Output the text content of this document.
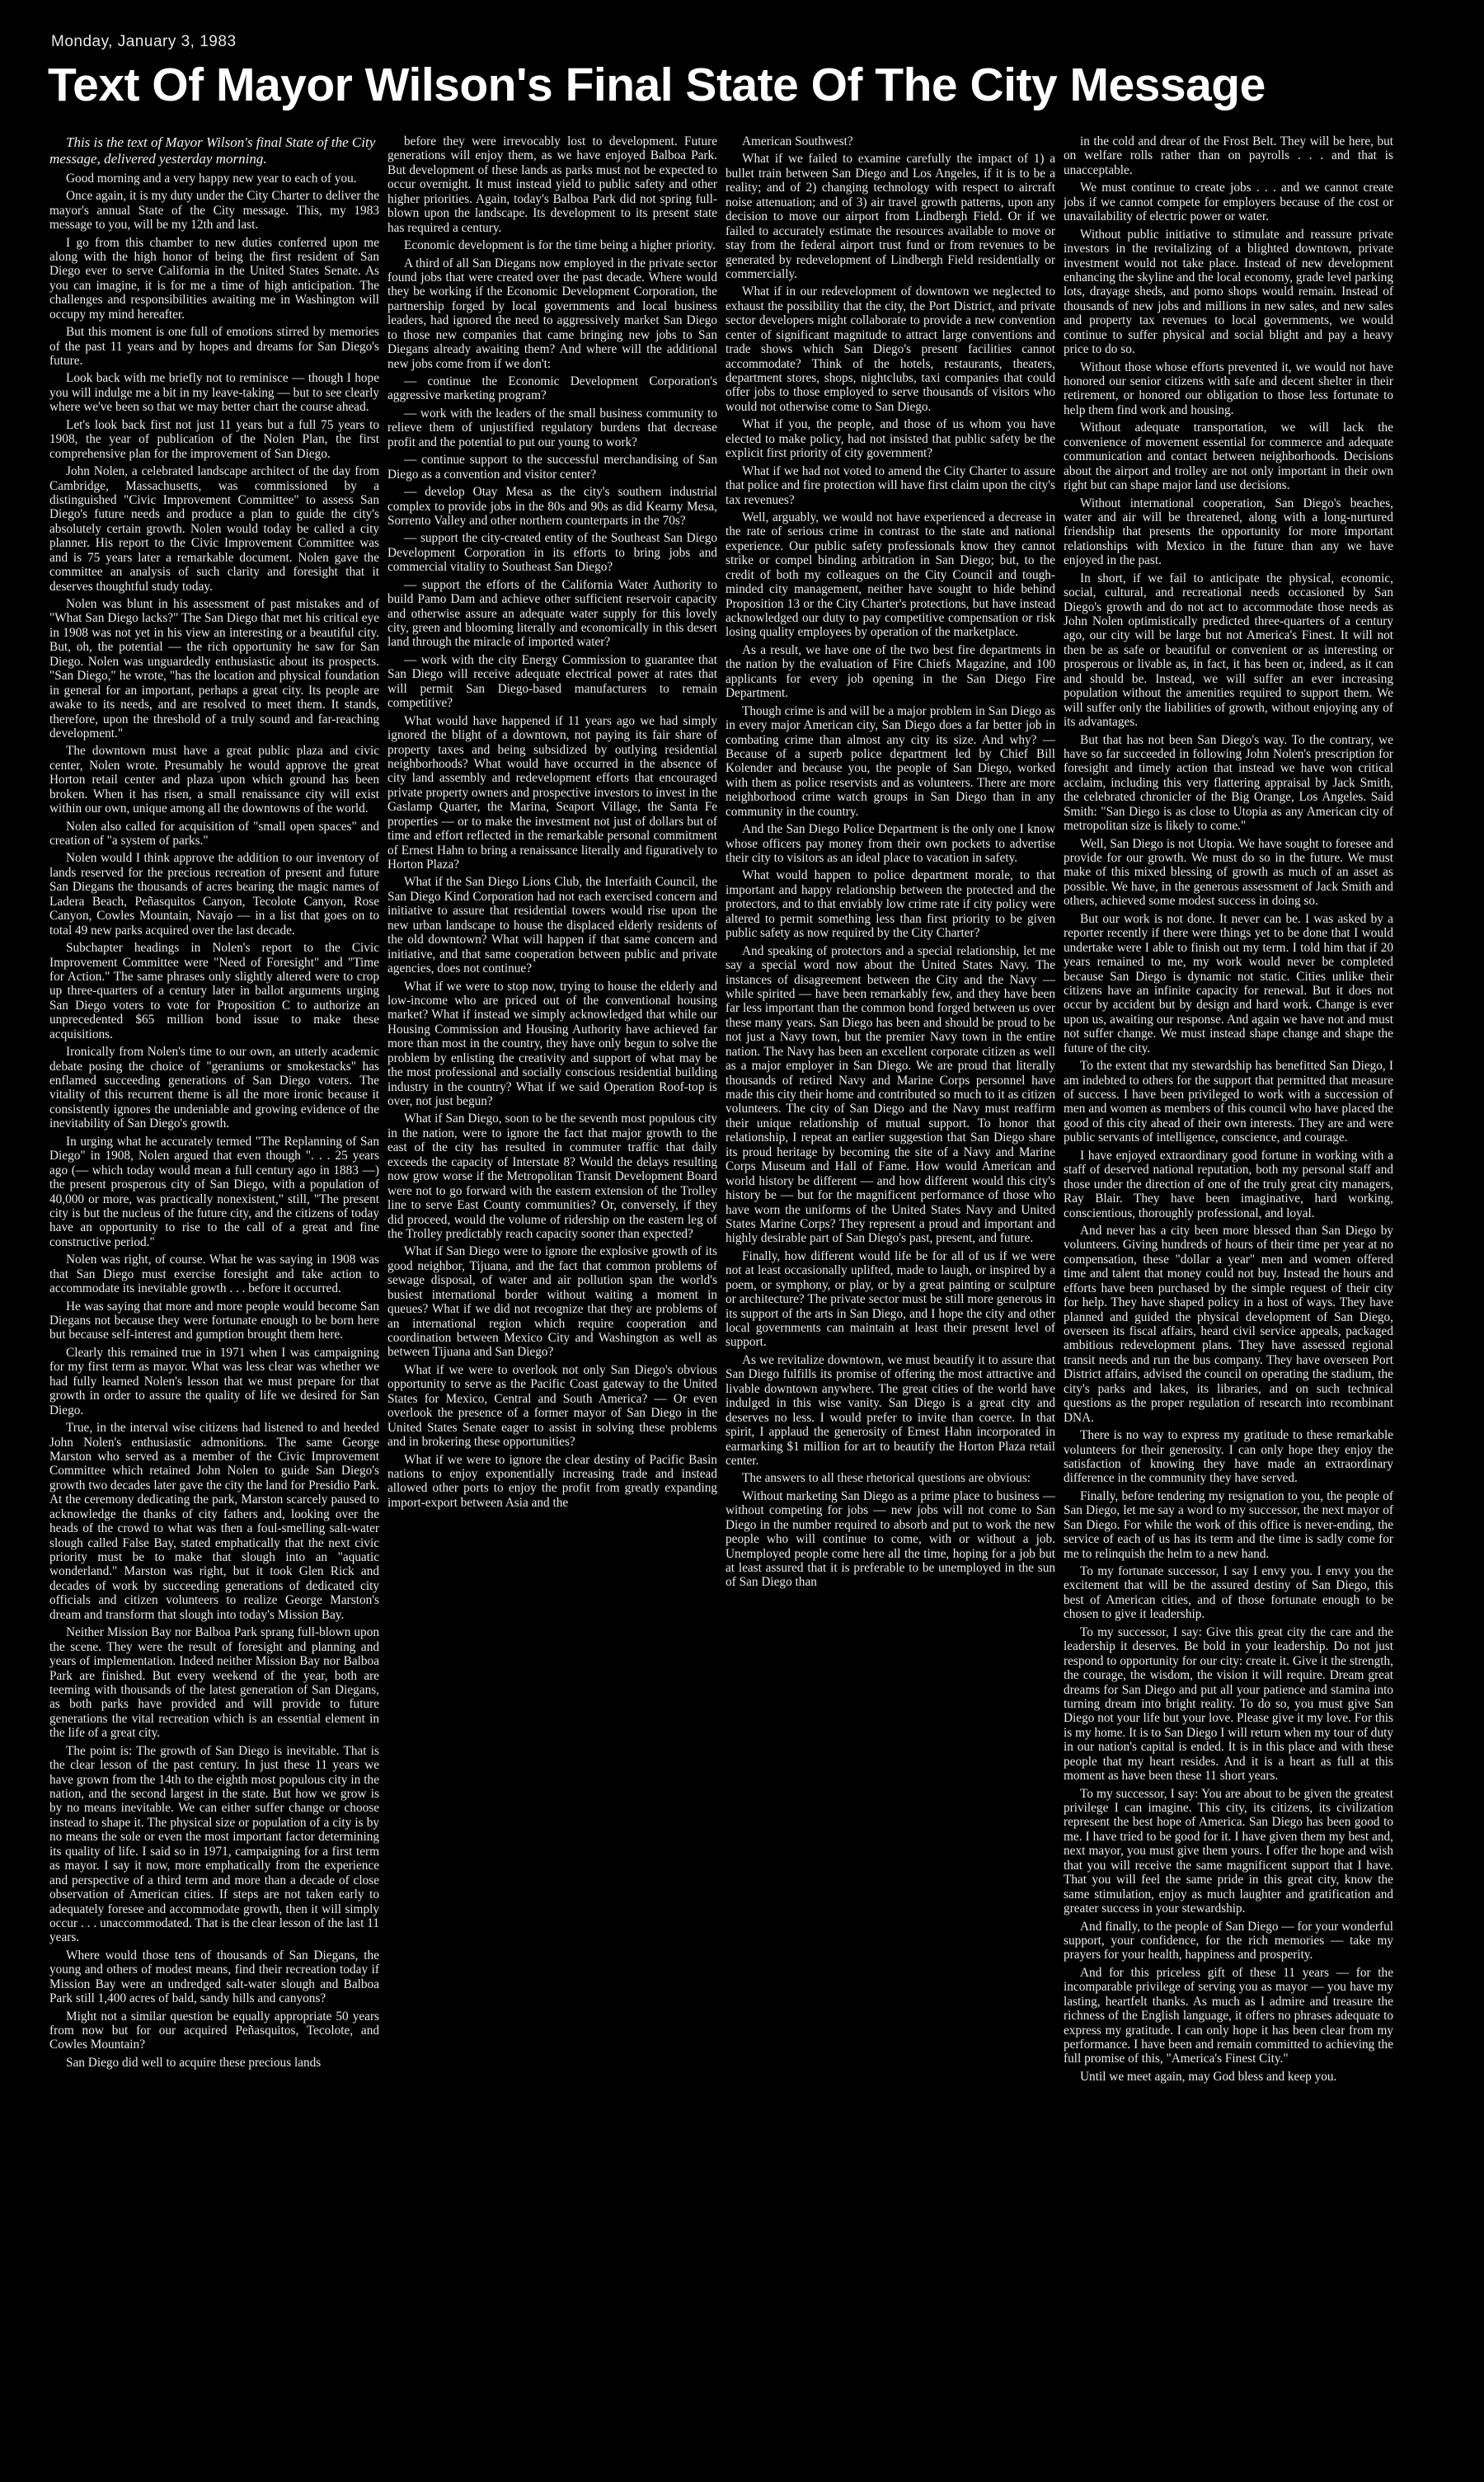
Monday, January 3, 1983
Text Of Mayor Wilson's Final State Of The City Message

This is the text of Mayor Wilson's final State of the City message, delivered yesterday morning.

Good morning and a very happy new year to each of you.

Once again, it is my duty under the City Charter to deliver the mayor's annual State of the City message. This, my 1983 message to you, will be my 12th and last.

I go from this chamber to new duties conferred upon me along with the high honor of being the first resident of San Diego ever to serve California in the United States Senate. As you can imagine, it is for me a time of high anticipation. The challenges and responsibilities awaiting me in Washington will occupy my mind hereafter.

But this moment is one full of emotions stirred by memories of the past 11 years and by hopes and dreams for San Diego's future.

Look back with me briefly not to reminisce — though I hope you will indulge me a bit in my leave-taking — but to see clearly where we've been so that we may better chart the course ahead.

Let's look back first not just 11 years but a full 75 years to 1908, the year of publication of the Nolen Plan, the first comprehensive plan for the improvement of San Diego.

John Nolen, a celebrated landscape architect of the day from Cambridge, Massachusetts, was commissioned by a distinguished "Civic Improvement Committee" to assess San Diego's future needs and produce a plan to guide the city's absolutely certain growth. Nolen would today be called a city planner. His report to the Civic Improvement Committee was and is 75 years later a remarkable document. Nolen gave the committee an analysis of such clarity and foresight that it deserves thoughtful study today.

Nolen was blunt in his assessment of past mistakes and of "What San Diego lacks?" The San Diego that met his critical eye in 1908 was not yet in his view an interesting or a beautiful city. But, oh, the potential — the rich opportunity he saw for San Diego. Nolen was unguardedly enthusiastic about its prospects. "San Diego," he wrote, "has the location and physical foundation in general for an important, perhaps a great city. Its people are awake to its needs, and are resolved to meet them. It stands, therefore, upon the threshold of a truly sound and far-reaching development."

The downtown must have a great public plaza and civic center, Nolen wrote. Presumably he would approve the great Horton retail center and plaza upon which ground has been broken. When it has risen, a small renaissance city will exist within our own, unique among all the downtowns of the world.

Nolen also called for acquisition of "small open spaces" and creation of "a system of parks."

Nolen would I think approve the addition to our inventory of lands reserved for the precious recreation of present and future San Diegans the thousands of acres bearing the magic names of Ladera Beach, Peñasquitos Canyon, Tecolote Canyon, Rose Canyon, Cowles Mountain, Navajo — in a list that goes on to total 49 new parks acquired over the last decade.

Subchapter headings in Nolen's report to the Civic Improvement Committee were "Need of Foresight" and "Time for Action." The same phrases only slightly altered were to crop up three-quarters of a century later in ballot arguments urging San Diego voters to vote for Proposition C to authorize an unprecedented $65 million bond issue to make these acquisitions.

Ironically from Nolen's time to our own, an utterly academic debate posing the choice of "geraniums or smokestacks" has enflamed succeeding generations of San Diego voters. The vitality of this recurrent theme is all the more ironic because it consistently ignores the undeniable and growing evidence of the inevitability of San Diego's growth.

In urging what he accurately termed "The Replanning of San Diego" in 1908, Nolen argued that even though ". . . 25 years ago (— which today would mean a full century ago in 1883 —) the present prosperous city of San Diego, with a population of 40,000 or more, was practically nonexistent," still, "The present city is but the nucleus of the future city, and the citizens of today have an opportunity to rise to the call of a great and fine constructive period."

Nolen was right, of course. What he was saying in 1908 was that San Diego must exercise foresight and take action to accommodate its inevitable growth . . . before it occurred.

He was saying that more and more people would become San Diegans not because they were fortunate enough to be born here but because self-interest and gumption brought them here.

Clearly this remained true in 1971 when I was campaigning for my first term as mayor. What was less clear was whether we had fully learned Nolen's lesson that we must prepare for that growth in order to assure the quality of life we desired for San Diego.

True, in the interval wise citizens had listened to and heeded John Nolen's enthusiastic admonitions. The same George Marston who served as a member of the Civic Improvement Committee which retained John Nolen to guide San Diego's growth two decades later gave the city the land for Presidio Park. At the ceremony dedicating the park, Marston scarcely paused to acknowledge the thanks of city fathers and, looking over the heads of the crowd to what was then a foul-smelling salt-water slough called False Bay, stated emphatically that the next civic priority must be to make that slough into an "aquatic wonderland." Marston was right, but it took Glen Rick and decades of work by succeeding generations of dedicated city officials and citizen volunteers to realize George Marston's dream and transform that slough into today's Mission Bay.

Neither Mission Bay nor Balboa Park sprang full-blown upon the scene. They were the result of foresight and planning and years of implementation. Indeed neither Mission Bay nor Balboa Park are finished. But every weekend of the year, both are teeming with thousands of the latest generation of San Diegans, as both parks have provided and will provide to future generations the vital recreation which is an essential element in the life of a great city.

The point is: The growth of San Diego is inevitable. That is the clear lesson of the past century. In just these 11 years we have grown from the 14th to the eighth most populous city in the nation, and the second largest in the state. But how we grow is by no means inevitable. We can either suffer change or choose instead to shape it. The physical size or population of a city is by no means the sole or even the most important factor determining its quality of life. I said so in 1971, campaigning for a first term as mayor. I say it now, more emphatically from the experience and perspective of a third term and more than a decade of close observation of American cities. If steps are not taken early to adequately foresee and accommodate growth, then it will simply occur . . . unaccommodated. That is the clear lesson of the last 11 years.

Where would those tens of thousands of San Diegans, the young and others of modest means, find their recreation today if Mission Bay were an undredged salt-water slough and Balboa Park still 1,400 acres of bald, sandy hills and canyons?

Might not a similar question be equally appropriate 50 years from now but for our acquired Peñasquitos, Tecolote, and Cowles Mountain?

San Diego did well to acquire these precious lands

before they were irrevocably lost to development. Future generations will enjoy them, as we have enjoyed Balboa Park. But development of these lands as parks must not be expected to occur overnight. It must instead yield to public safety and other higher priorities. Again, today's Balboa Park did not spring full-blown upon the landscape. Its development to its present state has required a century.

Economic development is for the time being a higher priority.

A third of all San Diegans now employed in the private sector found jobs that were created over the past decade. Where would they be working if the Economic Development Corporation, the partnership forged by local governments and local business leaders, had ignored the need to aggressively market San Diego to those new companies that came bringing new jobs to San Diegans already awaiting them? And where will the additional new jobs come from if we don't:

— continue the Economic Development Corporation's aggressive marketing program?

— work with the leaders of the small business community to relieve them of unjustified regulatory burdens that decrease profit and the potential to put our young to work?

— continue support to the successful merchandising of San Diego as a convention and visitor center?

— develop Otay Mesa as the city's southern industrial complex to provide jobs in the 80s and 90s as did Kearny Mesa, Sorrento Valley and other northern counterparts in the 70s?

— support the city-created entity of the Southeast San Diego Development Corporation in its efforts to bring jobs and commercial vitality to Southeast San Diego?

— support the efforts of the California Water Authority to build Pamo Dam and achieve other sufficient reservoir capacity and otherwise assure an adequate water supply for this lovely city, green and blooming literally and economically in this desert land through the miracle of imported water?

— work with the city Energy Commission to guarantee that San Diego will receive adequate electrical power at rates that will permit San Diego-based manufacturers to remain competitive?

What would have happened if 11 years ago we had simply ignored the blight of a downtown, not paying its fair share of property taxes and being subsidized by outlying residential neighborhoods? What would have occurred in the absence of city land assembly and redevelopment efforts that encouraged private property owners and prospective investors to invest in the Gaslamp Quarter, the Marina, Seaport Village, the Santa Fe properties — or to make the investment not just of dollars but of time and effort reflected in the remarkable personal commitment of Ernest Hahn to bring a renaissance literally and figuratively to Horton Plaza?

What if the San Diego Lions Club, the Interfaith Council, the San Diego Kind Corporation had not each exercised concern and initiative to assure that residential towers would rise upon the new urban landscape to house the displaced elderly residents of the old downtown? What will happen if that same concern and initiative, and that same cooperation between public and private agencies, does not continue?

What if we were to stop now, trying to house the elderly and low-income who are priced out of the conventional housing market? What if instead we simply acknowledged that while our Housing Commission and Housing Authority have achieved far more than most in the country, they have only begun to solve the problem by enlisting the creativity and support of what may be the most professional and socially conscious residential building industry in the country? What if we said Operation Roof-top is over, not just begun?

What if San Diego, soon to be the seventh most populous city in the nation, were to ignore the fact that major growth to the east of the city has resulted in commuter traffic that daily exceeds the capacity of Interstate 8? Would the delays resulting now grow worse if the Metropolitan Transit Development Board were not to go forward with the eastern extension of the Trolley line to serve East County communities? Or, conversely, if they did proceed, would the volume of ridership on the eastern leg of the Trolley predictably reach capacity sooner than expected?

What if San Diego were to ignore the explosive growth of its good neighbor, Tijuana, and the fact that common problems of sewage disposal, of water and air pollution span the world's busiest international border without waiting a moment in queues? What if we did not recognize that they are problems of an international region which require cooperation and coordination between Mexico City and Washington as well as between Tijuana and San Diego?

What if we were to overlook not only San Diego's obvious opportunity to serve as the Pacific Coast gateway to the United States for Mexico, Central and South America? — Or even overlook the presence of a former mayor of San Diego in the United States Senate eager to assist in solving these problems and in brokering these opportunities?

What if we were to ignore the clear destiny of Pacific Basin nations to enjoy exponentially increasing trade and instead allowed other ports to enjoy the profit from greatly expanding import-export between Asia and the

American Southwest?

What if we failed to examine carefully the impact of 1) a bullet train between San Diego and Los Angeles, if it is to be a reality; and of 2) changing technology with respect to aircraft noise attenuation; and of 3) air travel growth patterns, upon any decision to move our airport from Lindbergh Field. Or if we failed to accurately estimate the resources available to move or stay from the federal airport trust fund or from revenues to be generated by redevelopment of Lindbergh Field residentially or commercially.

What if in our redevelopment of downtown we neglected to exhaust the possibility that the city, the Port District, and private sector developers might collaborate to provide a new convention center of significant magnitude to attract large conventions and trade shows which San Diego's present facilities cannot accommodate? Think of the hotels, restaurants, theaters, department stores, shops, nightclubs, taxi companies that could offer jobs to those employed to serve thousands of visitors who would not otherwise come to San Diego.

What if you, the people, and those of us whom you have elected to make policy, had not insisted that public safety be the explicit first priority of city government?

What if we had not voted to amend the City Charter to assure that police and fire protection will have first claim upon the city's tax revenues?

Well, arguably, we would not have experienced a decrease in the rate of serious crime in contrast to the state and national experience. Our public safety professionals know they cannot strike or compel binding arbitration in San Diego; but, to the credit of both my colleagues on the City Council and tough-minded city management, neither have sought to hide behind Proposition 13 or the City Charter's protections, but have instead acknowledged our duty to pay competitive compensation or risk losing quality employees by operation of the marketplace.

As a result, we have one of the two best fire departments in the nation by the evaluation of Fire Chiefs Magazine, and 100 applicants for every job opening in the San Diego Fire Department.

Though crime is and will be a major problem in San Diego as in every major American city, San Diego does a far better job in combating crime than almost any city its size. And why? — Because of a superb police department led by Chief Bill Kolender and because you, the people of San Diego, worked with them as police reservists and as volunteers. There are more neighborhood crime watch groups in San Diego than in any community in the country.

And the San Diego Police Department is the only one I know whose officers pay money from their own pockets to advertise their city to visitors as an ideal place to vacation in safety.

What would happen to police department morale, to that important and happy relationship between the protected and the protectors, and to that enviably low crime rate if city policy were altered to permit something less than first priority to be given public safety as now required by the City Charter?

And speaking of protectors and a special relationship, let me say a special word now about the United States Navy. The instances of disagreement between the City and the Navy — while spirited — have been remarkably few, and they have been far less important than the common bond forged between us over these many years. San Diego has been and should be proud to be not just a Navy town, but the premier Navy town in the entire nation. The Navy has been an excellent corporate citizen as well as a major employer in San Diego. We are proud that literally thousands of retired Navy and Marine Corps personnel have made this city their home and contributed so much to it as citizen volunteers. The city of San Diego and the Navy must reaffirm their unique relationship of mutual support. To honor that relationship, I repeat an earlier suggestion that San Diego share its proud heritage by becoming the site of a Navy and Marine Corps Museum and Hall of Fame. How would American and world history be different — and how different would this city's history be — but for the magnificent performance of those who have worn the uniforms of the United States Navy and United States Marine Corps? They represent a proud and important and highly desirable part of San Diego's past, present, and future.

Finally, how different would life be for all of us if we were not at least occasionally uplifted, made to laugh, or inspired by a poem, or symphony, or play, or by a great painting or sculpture or architecture? The private sector must be still more generous in its support of the arts in San Diego, and I hope the city and other local governments can maintain at least their present level of support.

As we revitalize downtown, we must beautify it to assure that San Diego fulfills its promise of offering the most attractive and livable downtown anywhere. The great cities of the world have indulged in this wise vanity. San Diego is a great city and deserves no less. I would prefer to invite than coerce. In that spirit, I applaud the generosity of Ernest Hahn incorporated in earmarking $1 million for art to beautify the Horton Plaza retail center.

The answers to all these rhetorical questions are obvious:

Without marketing San Diego as a prime place to business — without competing for jobs — new jobs will not come to San Diego in the number required to absorb and put to work the new people who will continue to come, with or without a job. Unemployed people come here all the time, hoping for a job but at least assured that it is preferable to be unemployed in the sun of San Diego than

in the cold and drear of the Frost Belt. They will be here, but on welfare rolls rather than on payrolls . . . and that is unacceptable.

We must continue to create jobs . . . and we cannot create jobs if we cannot compete for employers because of the cost or unavailability of electric power or water.

Without public initiative to stimulate and reassure private investors in the revitalizing of a blighted downtown, private investment would not take place. Instead of new development enhancing the skyline and the local economy, grade level parking lots, drayage sheds, and porno shops would remain. Instead of thousands of new jobs and millions in new sales, and new sales and property tax revenues to local governments, we would continue to suffer physical and social blight and pay a heavy price to do so.

Without those whose efforts prevented it, we would not have honored our senior citizens with safe and decent shelter in their retirement, or honored our obligation to those less fortunate to help them find work and housing.

Without adequate transportation, we will lack the convenience of movement essential for commerce and adequate communication and contact between neighborhoods. Decisions about the airport and trolley are not only important in their own right but can shape major land use decisions.

Without international cooperation, San Diego's beaches, water and air will be threatened, along with a long-nurtured friendship that presents the opportunity for more important relationships with Mexico in the future than any we have enjoyed in the past.

In short, if we fail to anticipate the physical, economic, social, cultural, and recreational needs occasioned by San Diego's growth and do not act to accommodate those needs as John Nolen optimistically predicted three-quarters of a century ago, our city will be large but not America's Finest. It will not then be as safe or beautiful or convenient or as interesting or prosperous or livable as, in fact, it has been or, indeed, as it can and should be. Instead, we will suffer an ever increasing population without the amenities required to support them. We will suffer only the liabilities of growth, without enjoying any of its advantages.

But that has not been San Diego's way. To the contrary, we have so far succeeded in following John Nolen's prescription for foresight and timely action that instead we have won critical acclaim, including this very flattering appraisal by Jack Smith, the celebrated chronicler of the Big Orange, Los Angeles. Said Smith: "San Diego is as close to Utopia as any American city of metropolitan size is likely to come."

Well, San Diego is not Utopia. We have sought to foresee and provide for our growth. We must do so in the future. We must make of this mixed blessing of growth as much of an asset as possible. We have, in the generous assessment of Jack Smith and others, achieved some modest success in doing so.

But our work is not done. It never can be. I was asked by a reporter recently if there were things yet to be done that I would undertake were I able to finish out my term. I told him that if 20 years remained to me, my work would never be completed because San Diego is dynamic not static. Cities unlike their citizens have an infinite capacity for renewal. But it does not occur by accident but by design and hard work. Change is ever upon us, awaiting our response. And again we have not and must not suffer change. We must instead shape change and shape the future of the city.

To the extent that my stewardship has benefitted San Diego, I am indebted to others for the support that permitted that measure of success. I have been privileged to work with a succession of men and women as members of this council who have placed the good of this city ahead of their own interests. They are and were public servants of intelligence, conscience, and courage.

I have enjoyed extraordinary good fortune in working with a staff of deserved national reputation, both my personal staff and those under the direction of one of the truly great city managers, Ray Blair. They have been imaginative, hard working, conscientious, thoroughly professional, and loyal.

And never has a city been more blessed than San Diego by volunteers. Giving hundreds of hours of their time per year at no compensation, these "dollar a year" men and women offered time and talent that money could not buy. Instead the hours and efforts have been purchased by the simple request of their city for help. They have shaped policy in a host of ways. They have planned and guided the physical development of San Diego, overseen its fiscal affairs, heard civil service appeals, packaged ambitious redevelopment plans. They have assessed regional transit needs and run the bus company. They have overseen Port District affairs, advised the council on operating the stadium, the city's parks and lakes, its libraries, and on such technical questions as the proper regulation of research into recombinant DNA.

There is no way to express my gratitude to these remarkable volunteers for their generosity. I can only hope they enjoy the satisfaction of knowing they have made an extraordinary difference in the community they have served.

Finally, before tendering my resignation to you, the people of San Diego, let me say a word to my successor, the next mayor of San Diego. For while the work of this office is never-ending, the service of each of us has its term and the time is sadly come for me to relinquish the helm to a new hand.

To my fortunate successor, I say I envy you. I envy you the excitement that will be the assured destiny of San Diego, this best of American cities, and of those fortunate enough to be chosen to give it leadership.

To my successor, I say: Give this great city the care and the leadership it deserves. Be bold in your leadership. Do not just respond to opportunity for our city: create it. Give it the strength, the courage, the wisdom, the vision it will require. Dream great dreams for San Diego and put all your patience and stamina into turning dream into bright reality. To do so, you must give San Diego not your life but your love. Please give it my love. For this is my home. It is to San Diego I will return when my tour of duty in our nation's capital is ended. It is in this place and with these people that my heart resides. And it is a heart as full at this moment as have been these 11 short years.

To my successor, I say: You are about to be given the greatest privilege I can imagine. This city, its citizens, its civilization represent the best hope of America. San Diego has been good to me. I have tried to be good for it. I have given them my best and, next mayor, you must give them yours. I offer the hope and wish that you will receive the same magnificent support that I have. That you will feel the same pride in this great city, know the same stimulation, enjoy as much laughter and gratification and greater success in your stewardship.

And finally, to the people of San Diego — for your wonderful support, your confidence, for the rich memories — take my prayers for your health, happiness and prosperity.

And for this priceless gift of these 11 years — for the incomparable privilege of serving you as mayor — you have my lasting, heartfelt thanks. As much as I admire and treasure the richness of the English language, it offers no phrases adequate to express my gratitude. I can only hope it has been clear from my performance. I have been and remain committed to achieving the full promise of this, "America's Finest City."

Until we meet again, may God bless and keep you.
